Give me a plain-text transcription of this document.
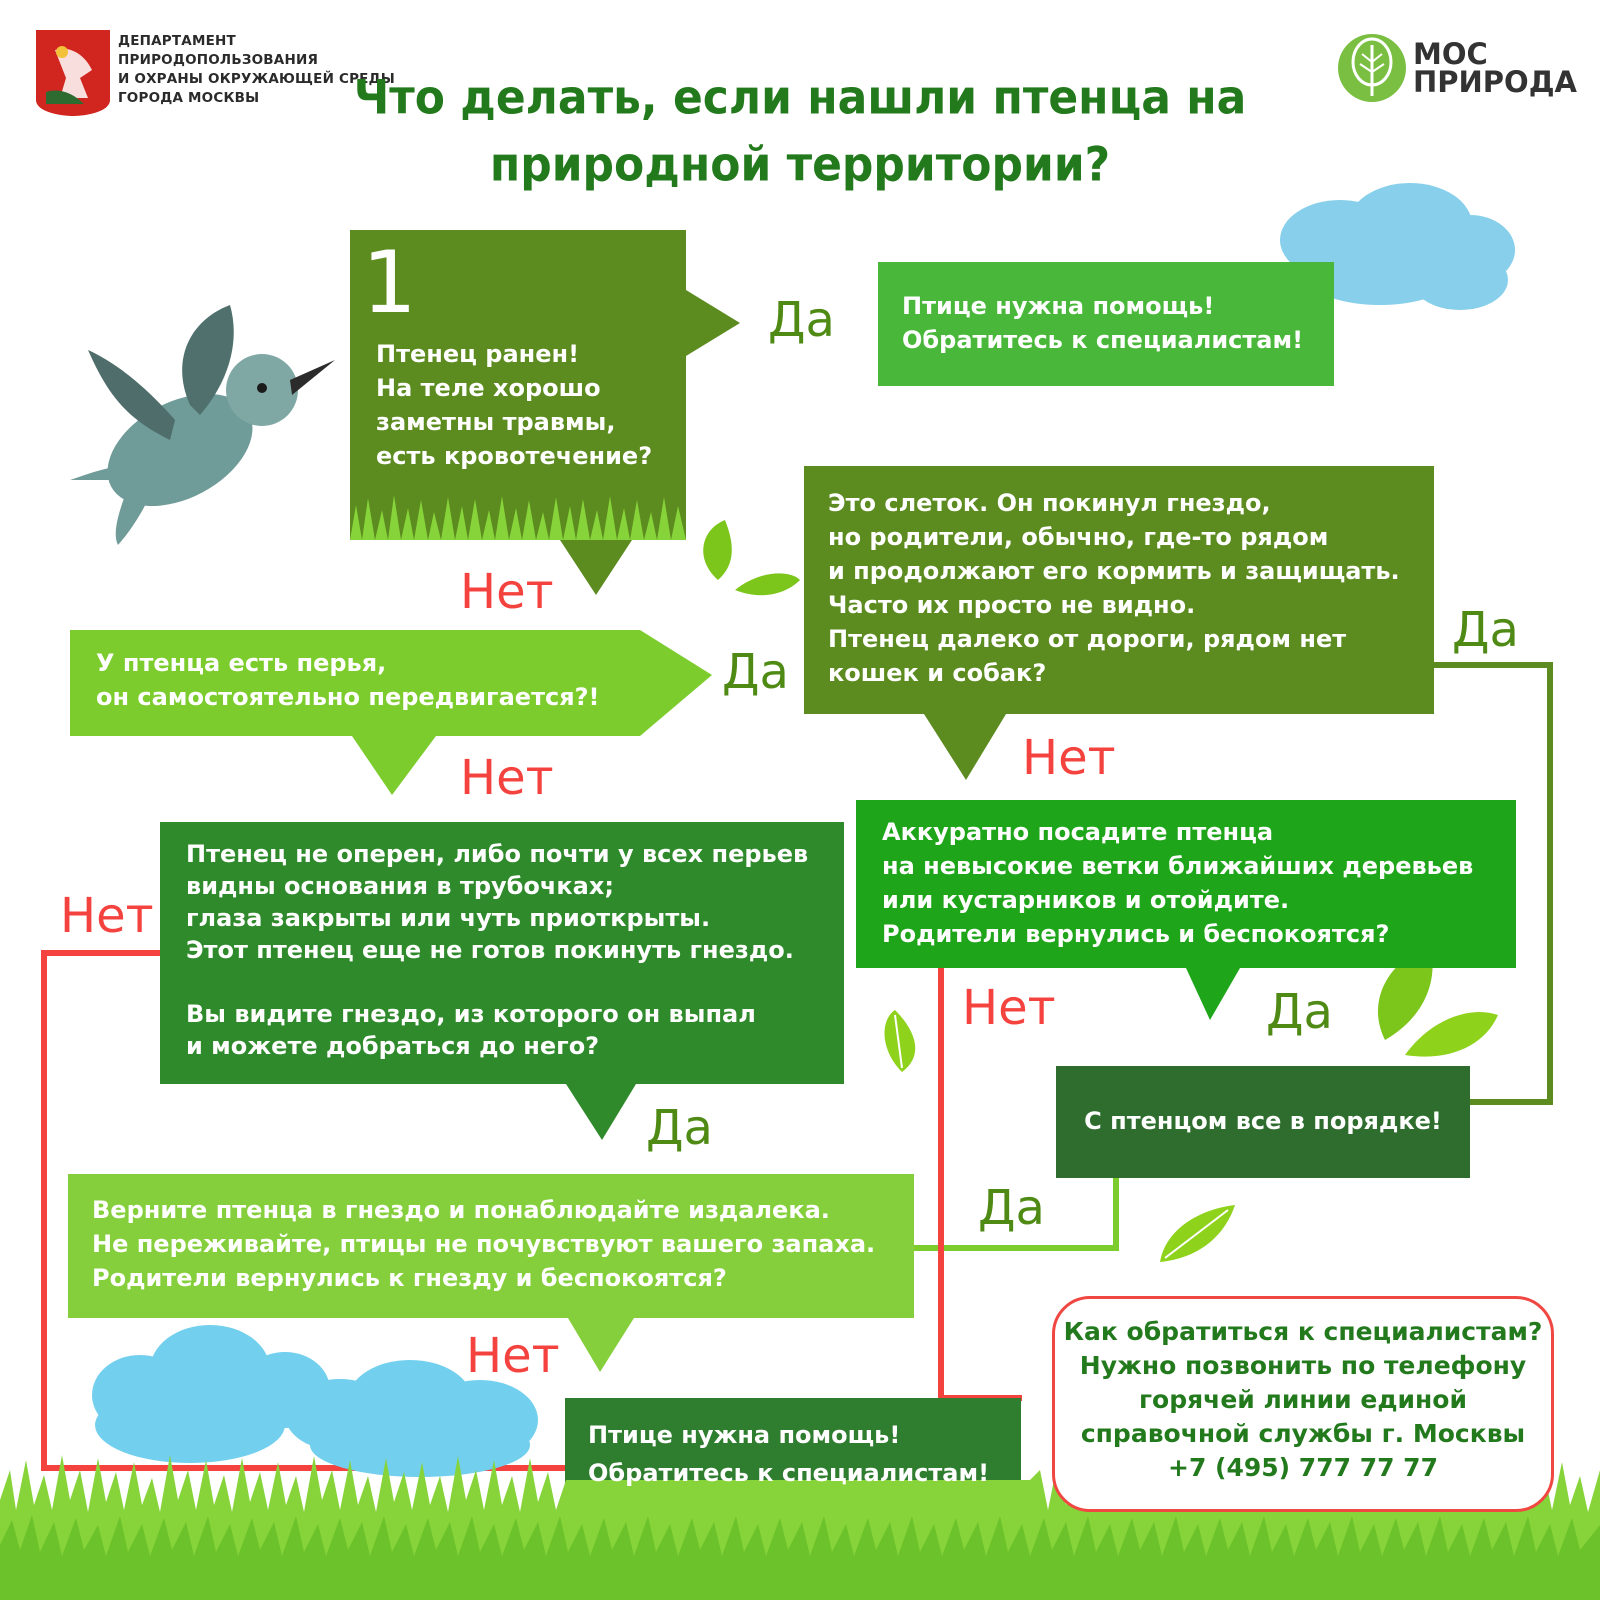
ДЕПАРТАМЕНТ
ПРИРОДОПОЛЬЗОВАНИЯ
И ОХРАНЫ ОКРУЖАЮЩЕЙ СРЕДЫ
ГОРОДА МОСКВЫ	Что делать, если нашли птенца на
природной территории?
МОС
ПРИРОДА
1
Птенец ранен!
На теле хорошо
заметны травмы,
есть кровотечение?
Птице нужна помощь!
Обратитесь к специалистам!
У птенца есть перья,
он самостоятельно передвигается?!
Это слеток. Он покинул гнездо,
но родители, обычно, где-то рядом
и продолжают его кормить и защищать.
Часто их просто не видно.
Птенец далеко от дороги, рядом нет
кошек и собак?
Аккуратно посадите птенца
на невысокие ветки ближайших деревьев
или кустарников и отойдите.
Родители вернулись и беспокоятся?
Птенец не оперен, либо почти у всех перьев
видны основания в трубочках;
глаза закрыты или чуть приоткрыты.
Этот птенец еще не готов покинуть гнездо.

Вы видите гнездо, из которого он выпал
и можете добраться до него?
С птенцом все в порядке!
Верните птенца в гнездо и понаблюдайте издалека.
Не переживайте, птицы не почувствуют вашего запаха.
Родители вернулись к гнезду и беспокоятся?
Птице нужна помощь!
Обратитесь к специалистам!
Да
Нет
Да
Нет
Да
Нет
Нет
Нет	Да
Да
Да
Нет	Как обратиться к специалистам?
Нужно позвонить по телефону
горячей линии единой
справочной службы г. Москвы
+7 (495) 777 77 77
